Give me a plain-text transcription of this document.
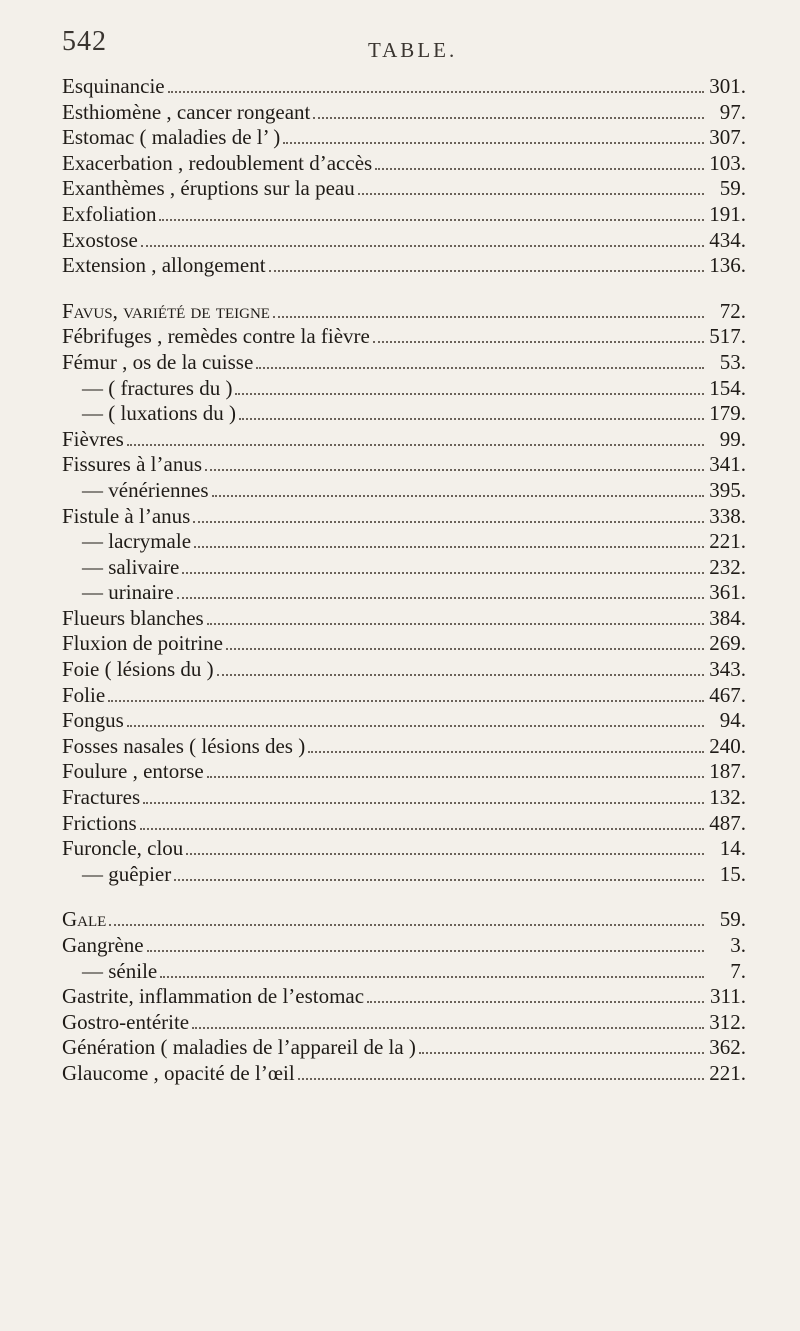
542	TABLE.
Esquinancie	301.
Esthiomène , cancer rongeant	97.
Estomac ( maladies de l’ )	307.
Exacerbation , redoublement d’accès	103.
Exanthèmes , éruptions sur la peau	59.
Exfoliation	191.
Exostose	434.
Extension , allongement	136.
Favus, variété de teigne	72.
Fébrifuges , remèdes contre la fièvre	517.
Fémur , os de la cuisse	53.
— ( fractures du )	154.
— ( luxations du )	179.
Fièvres	99.
Fissures à l’anus	341.
— vénériennes	395.
Fistule à l’anus	338.
— lacrymale	221.
— salivaire	232.
— urinaire	361.
Flueurs blanches	384.
Fluxion de poitrine	269.
Foie ( lésions du )	343.
Folie	467.
Fongus	94.
Fosses nasales ( lésions des )	240.
Foulure , entorse	187.
Fractures	132.
Frictions	487.
Furoncle, clou	14.
— guêpier	15.
Gale	59.
Gangrène	3.
— sénile	7.
Gastrite, inflammation de l’estomac	311.
Gostro-entérite	312.
Génération ( maladies de l’appareil de la )	362.
Glaucome , opacité de l’œil	221.
